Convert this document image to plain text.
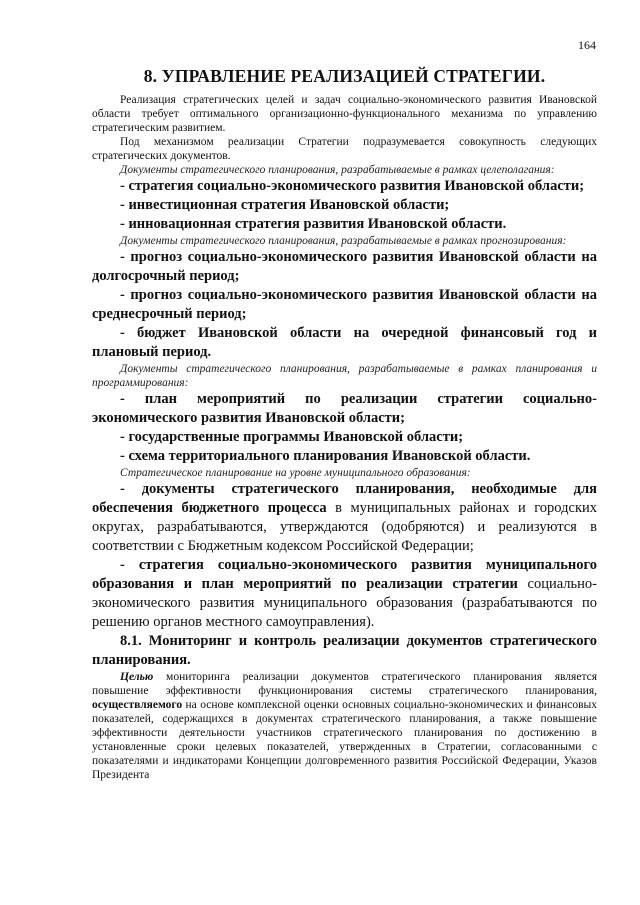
164
8. УПРАВЛЕНИЕ РЕАЛИЗАЦИЕЙ СТРАТЕГИИ.

Реализация стратегических целей и задач социально-экономического развития Ивановской области требует оптимального организационно-функционального механизма по управлению стратегическим развитием.

Под механизмом реализации Стратегии подразумевается совокупность следующих стратегических документов.

Документы стратегического планирования, разрабатываемые в рамках целеполагания:

- стратегия социально-экономического развития Ивановской области;

- инвестиционная стратегия Ивановской области;

- инновационная стратегия развития Ивановской области.

Документы стратегического планирования, разрабатываемые в рамках прогнозирования:

- прогноз социально-экономического развития Ивановской области на долгосрочный период;

- прогноз социально-экономического развития Ивановской области на среднесрочный период;

- бюджет Ивановской области на очередной финансовый год и плановый период.

Документы стратегического планирования, разрабатываемые в рамках планирования и программирования:

- план мероприятий по реализации стратегии социально-экономического развития Ивановской области;

- государственные программы Ивановской области;

- схема территориального планирования Ивановской области.

Стратегическое планирование на уровне муниципального образования:

- документы стратегического планирования, необходимые для обеспечения бюджетного процесса в муниципальных районах и городских округах, разрабатываются, утверждаются (одобряются) и реализуются в соответствии с Бюджетным кодексом Российской Федерации;

- стратегия социально-экономического развития муниципального образования и план мероприятий по реализации стратегии социально-экономического развития муниципального образования (разрабатываются по решению органов местного самоуправления).

8.1. Мониторинг и контроль реализации документов стратегического планирования.

Целью мониторинга реализации документов стратегического планирования является повышение эффективности функционирования системы стратегического планирования, осуществляемого на основе комплексной оценки основных социально-экономических и финансовых показателей, содержащихся в документах стратегического планирования, а также повышение эффективности деятельности участников стратегического планирования по достижению в установленные сроки целевых показателей, утвержденных в Стратегии, согласованными с показателями и индикаторами Концепции долговременного развития Российской Федерации, Указов Президента
